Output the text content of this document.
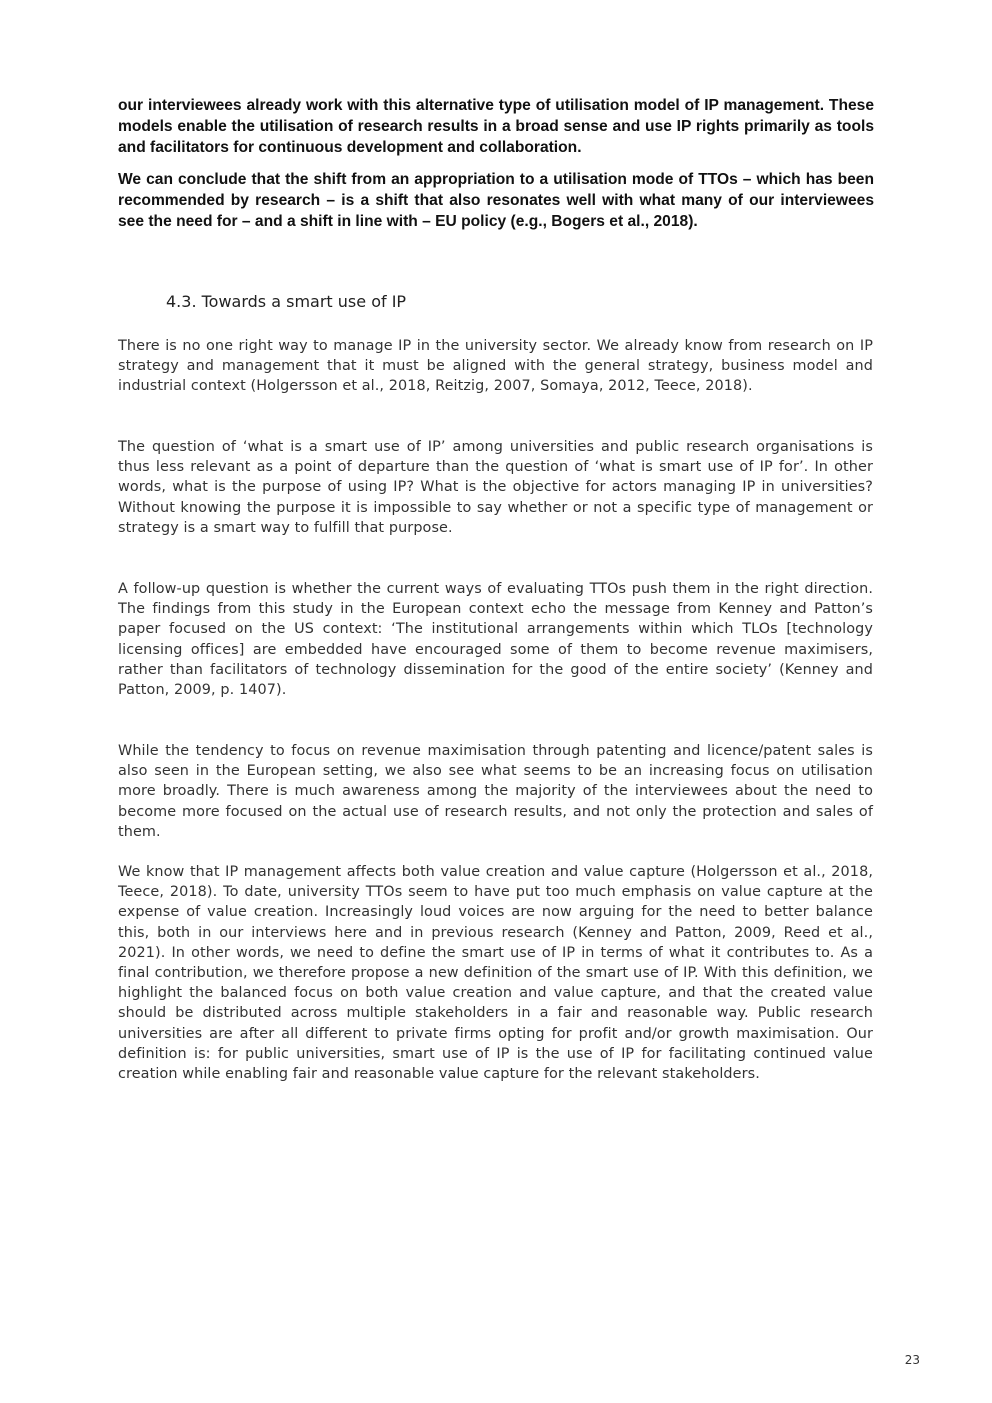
our interviewees already work with this alternative type of utilisation model of IP management. These models enable the utilisation of research results in a broad sense and use IP rights primarily as tools and facilitators for continuous development and collaboration.

We can conclude that the shift from an appropriation to a utilisation mode of TTOs – which has been recommended by research – is a shift that also resonates well with what many of our interviewees see the need for – and a shift in line with – EU policy (e.g., Bogers et al., 2018).

4.3. Towards a smart use of IP

There is no one right way to manage IP in the university sector. We already know from research on IP strategy and management that it must be aligned with the general strategy, business model and industrial context (Holgersson et al., 2018, Reitzig, 2007, Somaya, 2012, Teece, 2018).

The question of ‘what is a smart use of IP’ among universities and public research organisations is thus less relevant as a point of departure than the question of ‘what is smart use of IP for’. In other words, what is the purpose of using IP? What is the objective for actors managing IP in universities? Without knowing the purpose it is impossible to say whether or not a specific type of management or strategy is a smart way to fulfill that purpose.

A follow-up question is whether the current ways of evaluating TTOs push them in the right direction. The findings from this study in the European context echo the message from Kenney and Patton’s paper focused on the US context: ‘The institutional arrangements within which TLOs [technology licensing offices] are embedded have encouraged some of them to become revenue maximisers, rather than facilitators of technology dissemination for the good of the entire society’ (Kenney and Patton, 2009, p. 1407).

While the tendency to focus on revenue maximisation through patenting and licence/patent sales is also seen in the European setting, we also see what seems to be an increasing focus on utilisation more broadly. There is much awareness among the majority of the interviewees about the need to become more focused on the actual use of research results, and not only the protection and sales of them.

We know that IP management affects both value creation and value capture (Holgersson et al., 2018, Teece, 2018). To date, university TTOs seem to have put too much emphasis on value capture at the expense of value creation. Increasingly loud voices are now arguing for the need to better balance this, both in our interviews here and in previous research (Kenney and Patton, 2009, Reed et al., 2021). In other words, we need to define the smart use of IP in terms of what it contributes to. As a final contribution, we therefore propose a new definition of the smart use of IP. With this definition, we highlight the balanced focus on both value creation and value capture, and that the created value should be distributed across multiple stakeholders in a fair and reasonable way. Public research universities are after all different to private firms opting for profit and/or growth maximisation. Our definition is: for public universities, smart use of IP is the use of IP for facilitating continued value creation while enabling fair and reasonable value capture for the relevant stakeholders.

23
